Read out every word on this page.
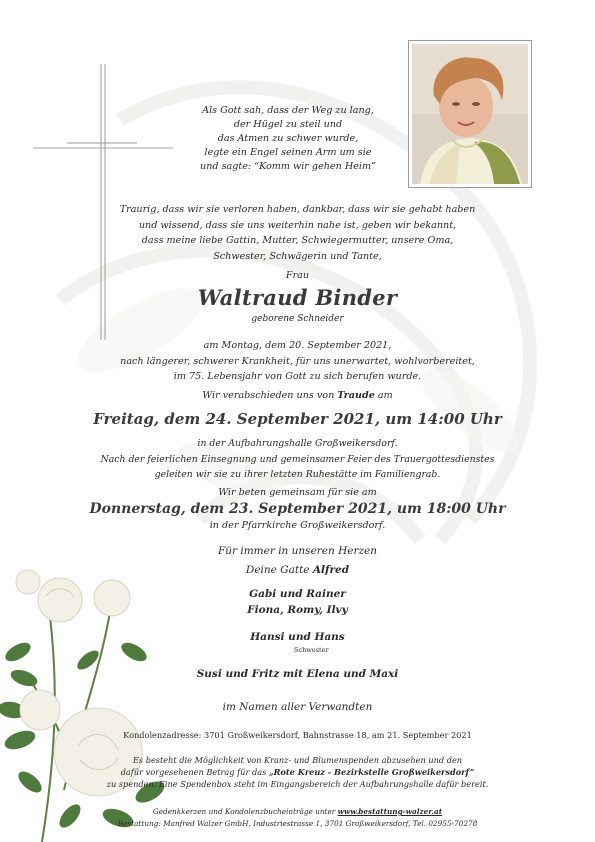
Als Gott sah, dass der Weg zu lang,
der Hügel zu steil und
das Atmen zu schwer wurde,
legte ein Engel seinen Arm um sie
und sagte: “Komm wir gehen Heim”
Traurig, dass wir sie verloren haben, dankbar, dass wir sie gehabt haben
und wissend, dass sie uns weiterhin nahe ist, geben wir bekannt,
dass meine liebe Gattin, Mutter, Schwiegermutter, unsere Oma,
Schwester, Schwägerin und Tante,
Frau
Waltraud Binder
geborene Schneider
am Montag, dem 20. September 2021,
nach längerer, schwerer Krankheit, für uns unerwartet, wohlvorbereitet,
im 75. Lebensjahr von Gott zu sich berufen wurde.
Wir verabschieden uns von Traude am
Freitag, dem 24. September 2021, um 14:00 Uhr
in der Aufbahrungshalle Großweikersdorf.
Nach der feierlichen Einsegnung und gemeinsamer Feier des Trauergottesdienstes
geleiten wir sie zu ihrer letzten Ruhestätte im Familiengrab.
Wir beten gemeinsam für sie am
Donnerstag, dem 23. September 2021, um 18:00 Uhr
in der Pfarrkirche Großweikersdorf.
Für immer in unseren Herzen
Deine Gatte Alfred
Gabi und Rainer
Fiona, Romy, Ilvy
Hansi und Hans
Schwester
Susi und Fritz mit Elena und Maxi
im Namen aller Verwandten
Kondolenzadresse: 3701 Großweikersdorf, Bahnstrasse 18, am 21. September 2021
Es besteht die Möglichkeit von Kranz- und Blumenspenden abzusehen und den
dafür vorgesehenen Betrag für das „Rote Kreuz - Bezirkstelle Großweikersdorf”
zu spenden. Eine Spendenbox steht im Eingangsbereich der Aufbahrungshalle dafür bereit.
Gedenkkerzen und Kondolenzbucheinträge unter www.bestattung-walzer.at
Bestattung: Manfred Walzer GmbH, Industriestrasse 1, 3701 Großweikersdorf, Tel. 02955-70278
